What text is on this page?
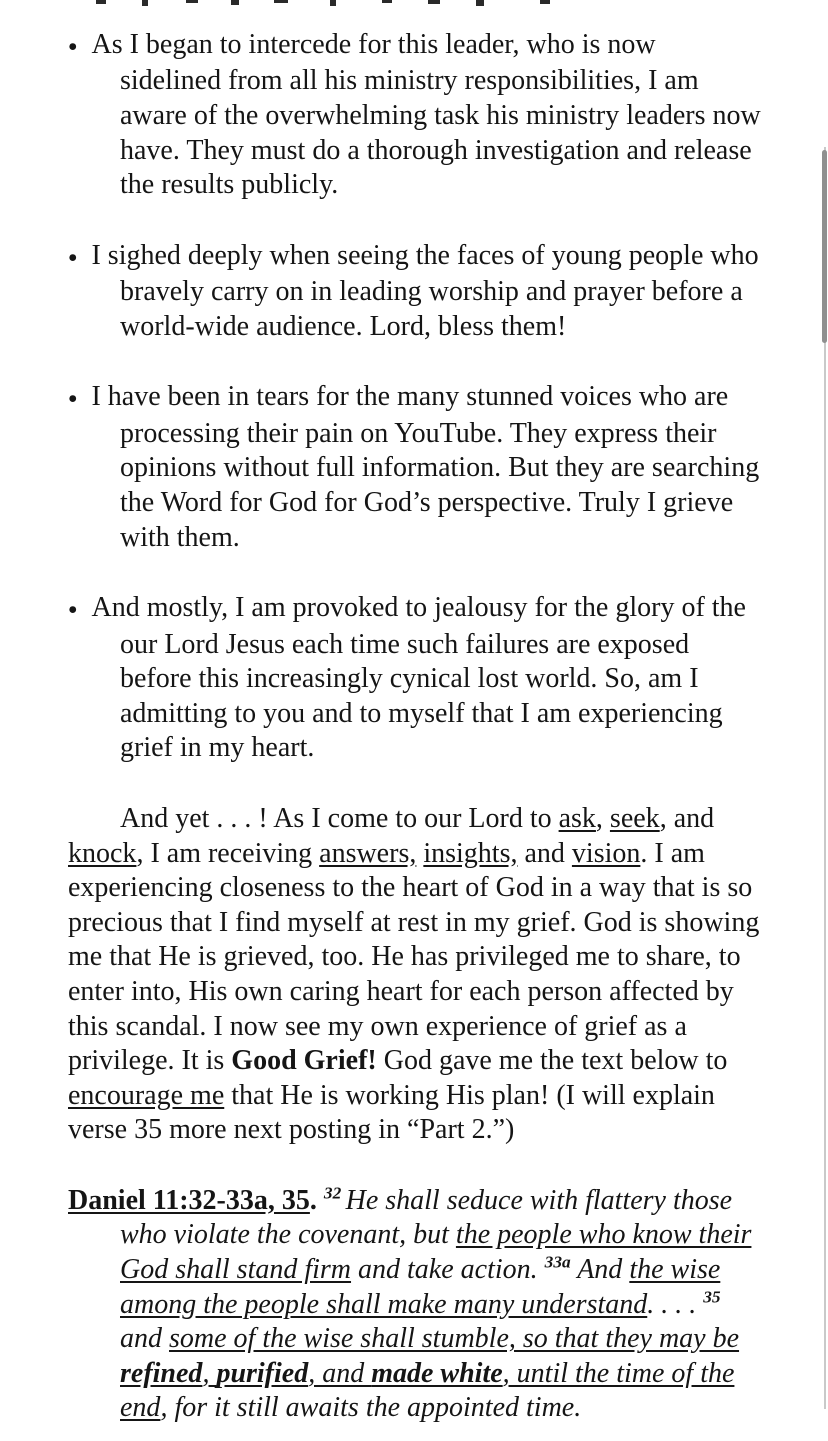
● As I began to intercede for this leader, who is now sidelined from all his ministry responsibilities, I am aware of the overwhelming task his ministry leaders now have. They must do a thorough investigation and release the results publicly.
● I sighed deeply when seeing the faces of young people who bravely carry on in leading worship and prayer before a world-wide audience. Lord, bless them!
● I have been in tears for the many stunned voices who are processing their pain on YouTube. They express their opinions without full information. But they are searching the Word for God for God’s perspective. Truly I grieve with them.
● And mostly, I am provoked to jealousy for the glory of the our Lord Jesus each time such failures are exposed before this increasingly cynical lost world. So, am I admitting to you and to myself that I am experiencing grief in my heart.

And yet . . . ! As I come to our Lord to ask, seek, and knock, I am receiving answers, insights, and vision. I am experiencing closeness to the heart of God in a way that is so precious that I find myself at rest in my grief. God is showing me that He is grieved, too. He has privileged me to share, to enter into, His own caring heart for each person affected by this scandal. I now see my own experience of grief as a privilege. It is Good Grief! God gave me the text below to encourage me that He is working His plan! (I will explain verse 35 more next posting in “Part 2.”)

Daniel 11:32-33a, 35. $^{32}$ He shall seduce with flattery those who violate the covenant, but the people who know their God shall stand firm and take action. $^{33a}$ And the wise among the people shall make many understand. . . . $^{35}$ and some of the wise shall stumble, so that they may be refined, purified, and made white, until the time of the end, for it still awaits the appointed time.
